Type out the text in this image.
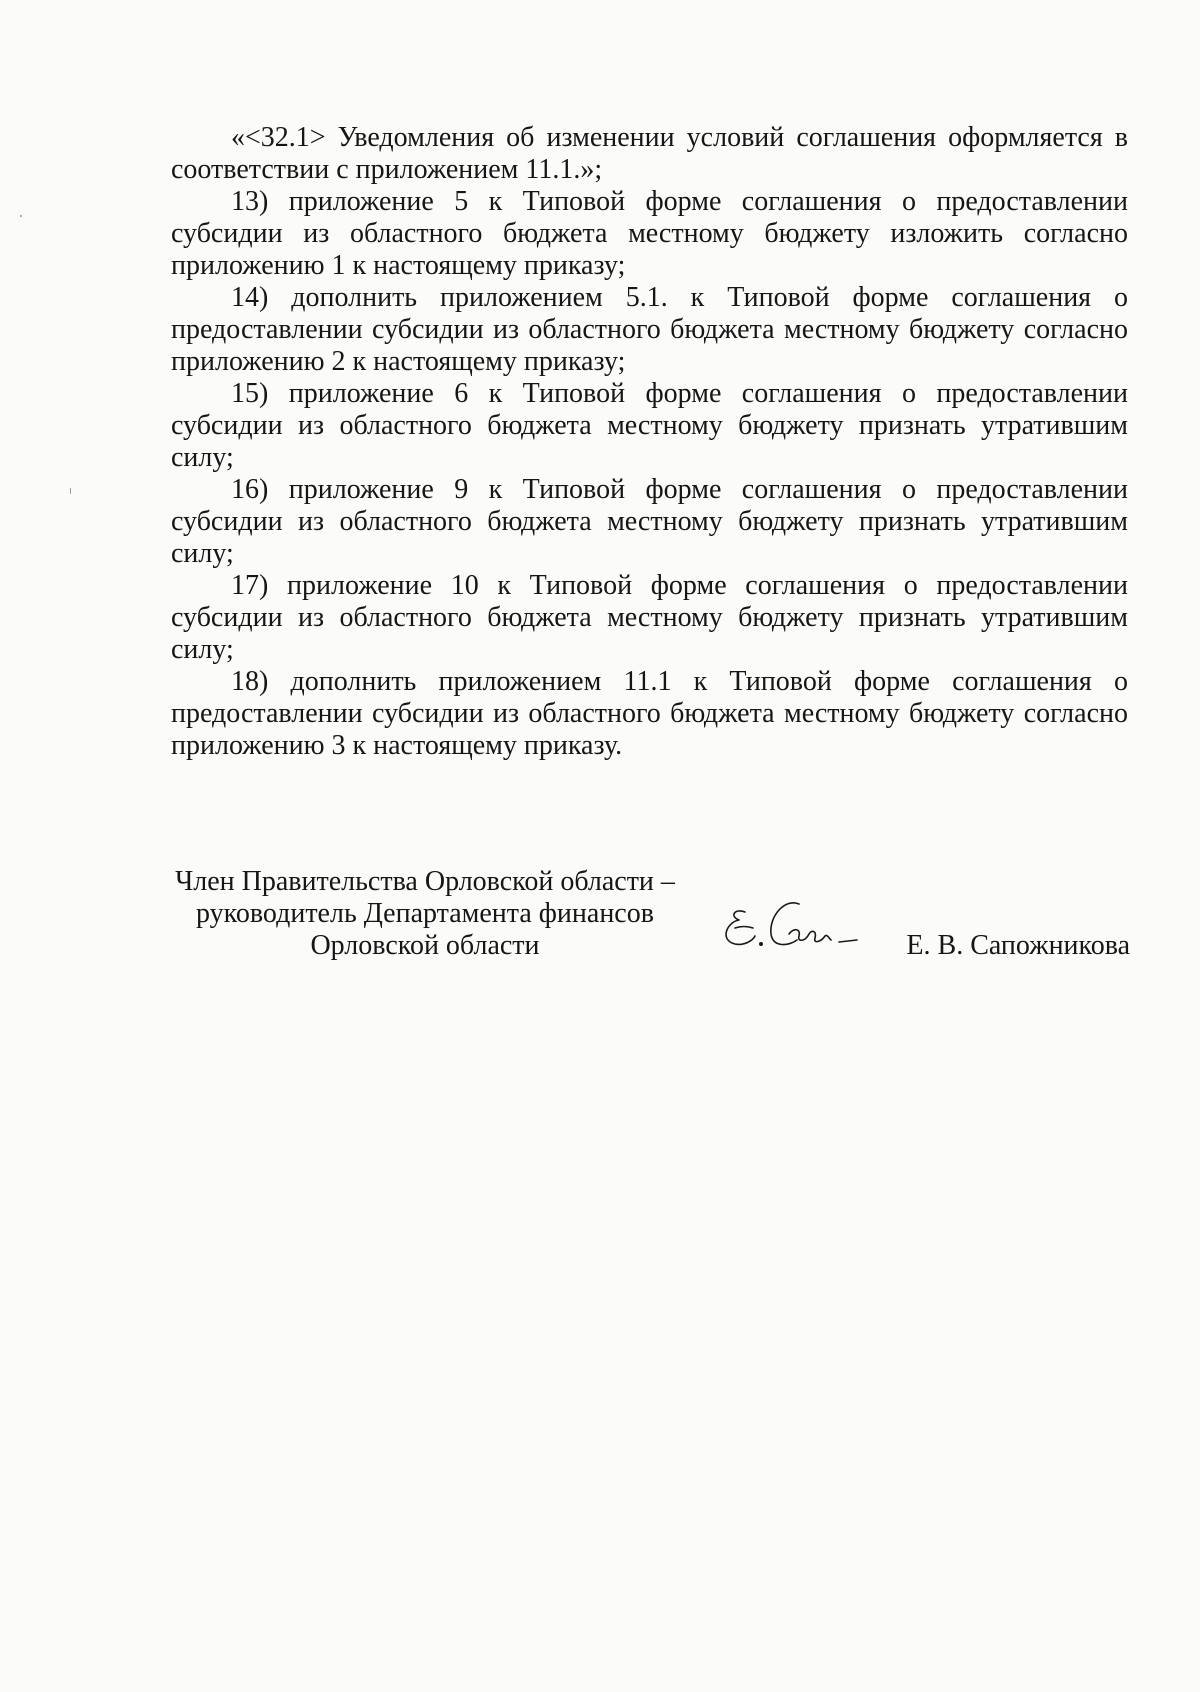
«<32.1> Уведомления об изменении условий соглашения оформляется в соответствии с приложением 11.1.»;

13) приложение 5 к Типовой форме соглашения о предоставлении субсидии из областного бюджета местному бюджету изложить согласно приложению 1 к настоящему приказу;

14) дополнить приложением 5.1. к Типовой форме соглашения о предоставлении субсидии из областного бюджета местному бюджету согласно приложению 2 к настоящему приказу;

15) приложение 6 к Типовой форме соглашения о предоставлении субсидии из областного бюджета местному бюджету признать утратившим силу;

16) приложение 9 к Типовой форме соглашения о предоставлении субсидии из областного бюджета местному бюджету признать утратившим силу;

17) приложение 10 к Типовой форме соглашения о предоставлении субсидии из областного бюджета местному бюджету признать утратившим силу;

18) дополнить приложением 11.1 к Типовой форме соглашения о предоставлении субсидии из областного бюджета местному бюджету согласно приложению 3 к настоящему приказу.

Член Правительства Орловской области –
руководитель Департамента финансов
Орловской области	Е. В. Сапожникова
